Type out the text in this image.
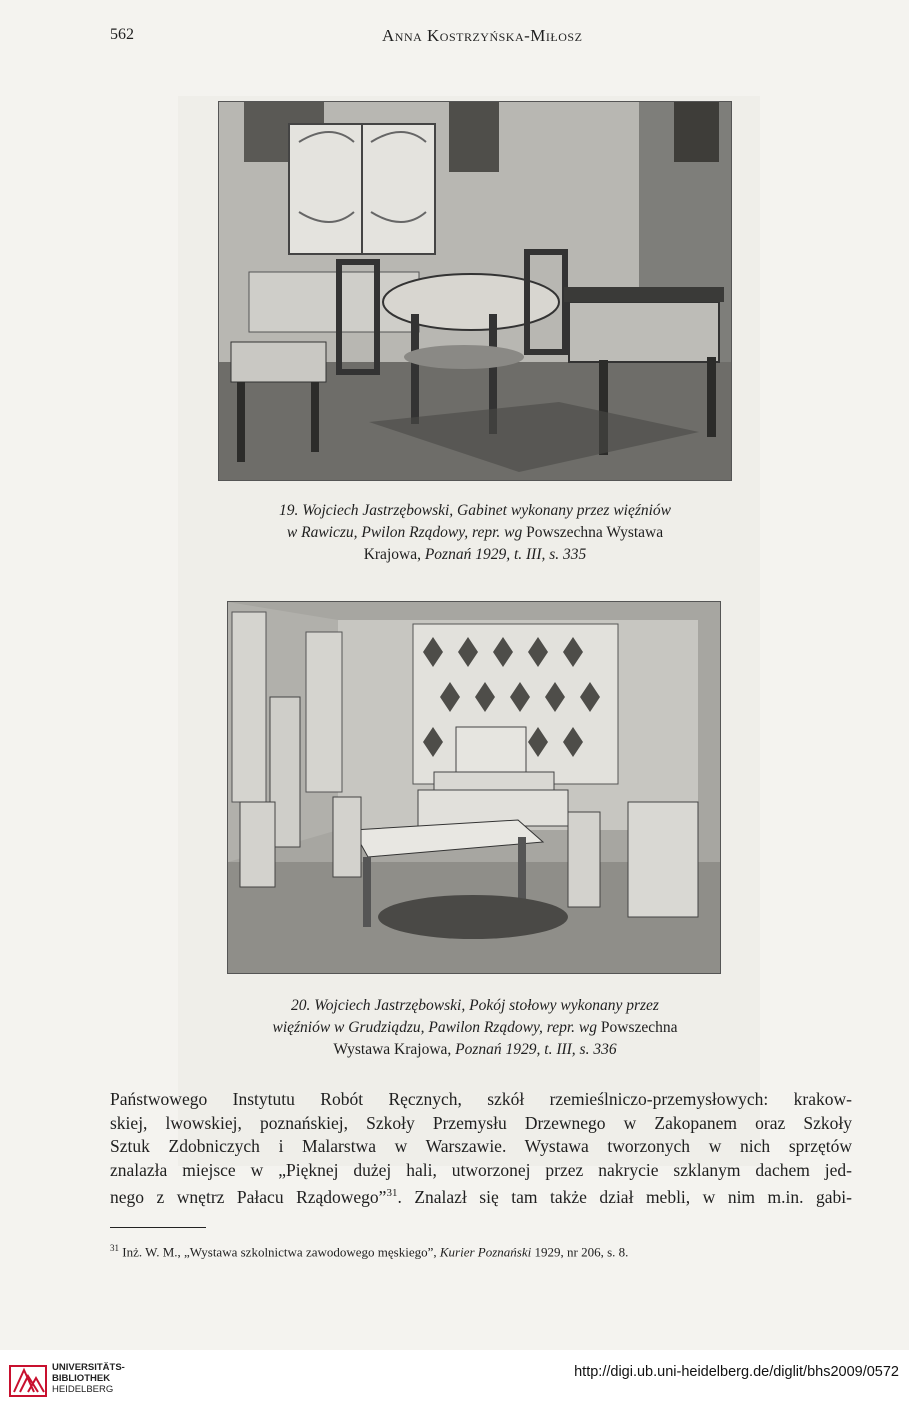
562	Anna Kostrzyńska-Miłosz
19. Wojciech Jastrzębowski, Gabinet wykonany przez więźniów
w Rawiczu, Pwilon Rządowy, repr. wg Powszechna Wystawa
Krajowa, Poznań 1929, t. III, s. 335
20. Wojciech Jastrzębowski, Pokój stołowy wykonany przez
więźniów w Grudziądzu, Pawilon Rządowy, repr. wg Powszechna
Wystawa Krajowa, Poznań 1929, t. III, s. 336
Państwowego Instytutu Robót Ręcznych, szkół rzemieślniczo-przemysłowych: krakow-
skiej, lwowskiej, poznańskiej, Szkoły Przemysłu Drzewnego w Zakopanem oraz Szkoły
Sztuk Zdobniczych i Malarstwa w Warszawie. Wystawa tworzonych w nich sprzętów
znalazła miejsce w „Pięknej dużej hali, utworzonej przez nakrycie szklanym dachem jed-
nego z wnętrz Pałacu Rządowego”$^{31}$. Znalazł się tam także dział mebli, w nim m.in. gabi-
$^{31}$ Inż. W. M., „Wystawa szkolnictwa zawodowego męskiego”, Kurier Poznański 1929, nr 206, s. 8.
UNIVERSITÄTS-
BIBLIOTHEK
HEIDELBERG
http://digi.ub.uni-heidelberg.de/diglit/bhs2009/0572
